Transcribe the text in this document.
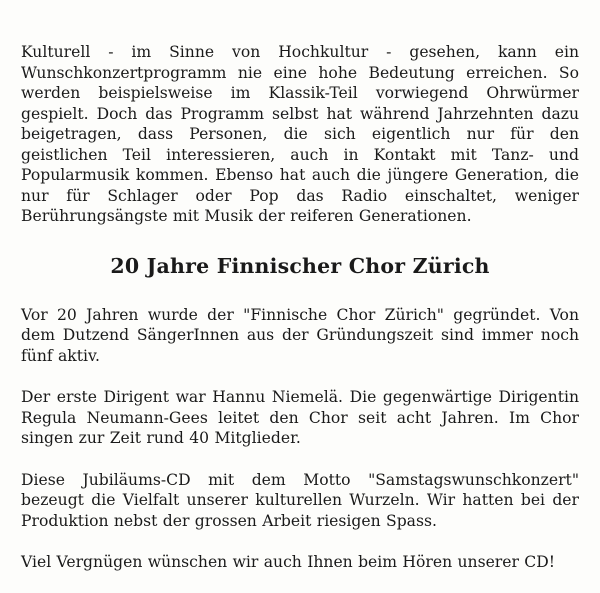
Kulturell - im Sinne von Hochkultur - gesehen, kann ein Wunschkonzertprogramm nie eine hohe Bedeutung erreichen. So werden beispielsweise im Klassik-Teil vorwiegend Ohrwürmer gespielt. Doch das Programm selbst hat während Jahrzehnten dazu beigetragen, dass Personen, die sich eigentlich nur für den geistlichen Teil interessieren, auch in Kontakt mit Tanz- und Popularmusik kommen. Ebenso hat auch die jüngere Generation, die nur für Schlager oder Pop das Radio einschaltet, weniger Berührungsängste mit Musik der reiferen Generationen.

20 Jahre Finnischer Chor Zürich

Vor 20 Jahren wurde der "Finnische Chor Zürich" gegründet. Von dem Dutzend SängerInnen aus der Gründungszeit sind immer noch fünf aktiv.

Der erste Dirigent war Hannu Niemelä. Die gegenwärtige Dirigentin Regula Neumann-Gees leitet den Chor seit acht Jahren. Im Chor singen zur Zeit rund 40 Mitglieder.

Diese Jubiläums-CD mit dem Motto "Samstagswunschkonzert" bezeugt die Vielfalt unserer kulturellen Wurzeln. Wir hatten bei der Produktion nebst der grossen Arbeit riesigen Spass.

Viel Vergnügen wünschen wir auch Ihnen beim Hören unserer CD!
